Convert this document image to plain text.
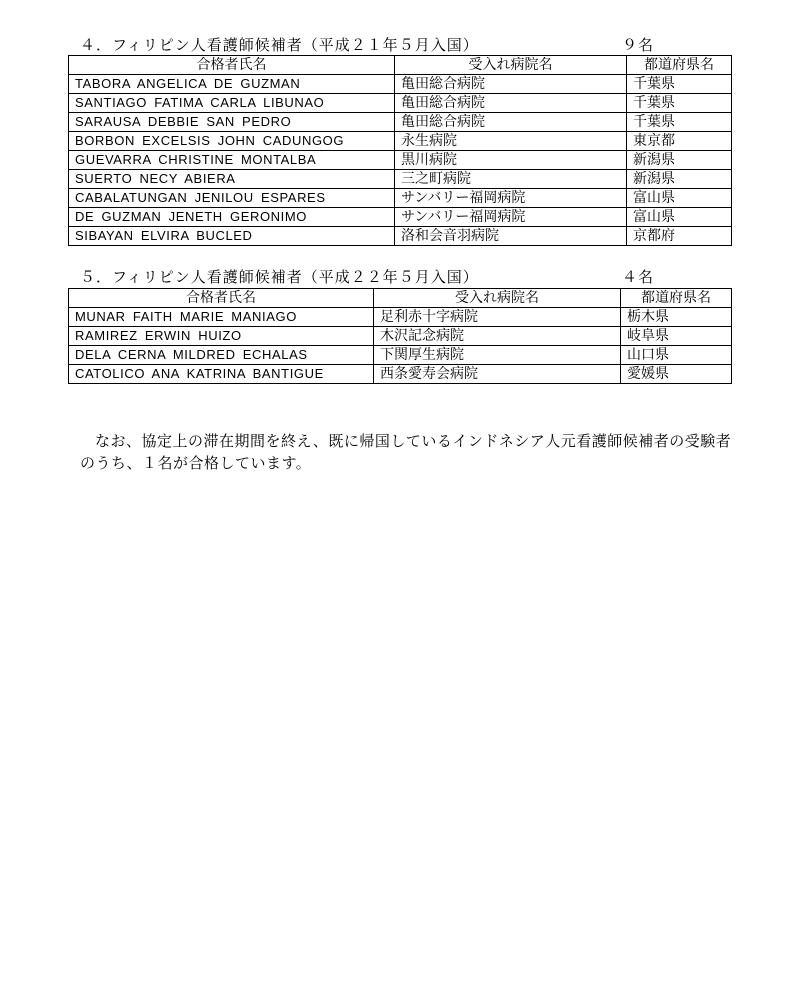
４．フィリピン人看護師候補者（平成２１年５月入国）	９名
合格者氏名	受入れ病院名	都道府県名
TABORA ANGELICA DE GUZMAN	亀田総合病院	千葉県
SANTIAGO FATIMA CARLA LIBUNAO	亀田総合病院	千葉県
SARAUSA DEBBIE SAN PEDRO	亀田総合病院	千葉県
BORBON EXCELSIS JOHN CADUNGOG	永生病院	東京都
GUEVARRA CHRISTINE MONTALBA	黒川病院	新潟県
SUERTO NECY ABIERA	三之町病院	新潟県
CABALATUNGAN JENILOU ESPARES	サンバリー福岡病院	富山県
DE GUZMAN JENETH GERONIMO	サンバリー福岡病院	富山県
SIBAYAN ELVIRA BUCLED	洛和会音羽病院	京都府
５．フィリピン人看護師候補者（平成２２年５月入国）	４名
合格者氏名	受入れ病院名	都道府県名
MUNAR FAITH MARIE MANIAGO	足利赤十字病院	栃木県
RAMIREZ ERWIN HUIZO	木沢記念病院	岐阜県
DELA CERNA MILDRED ECHALAS	下関厚生病院	山口県
CATOLICO ANA KATRINA BANTIGUE	西条愛寿会病院	愛媛県
なお、協定上の滞在期間を終え、既に帰国しているインドネシア人元看護師候補者の受験者のうち、１名が合格しています。
